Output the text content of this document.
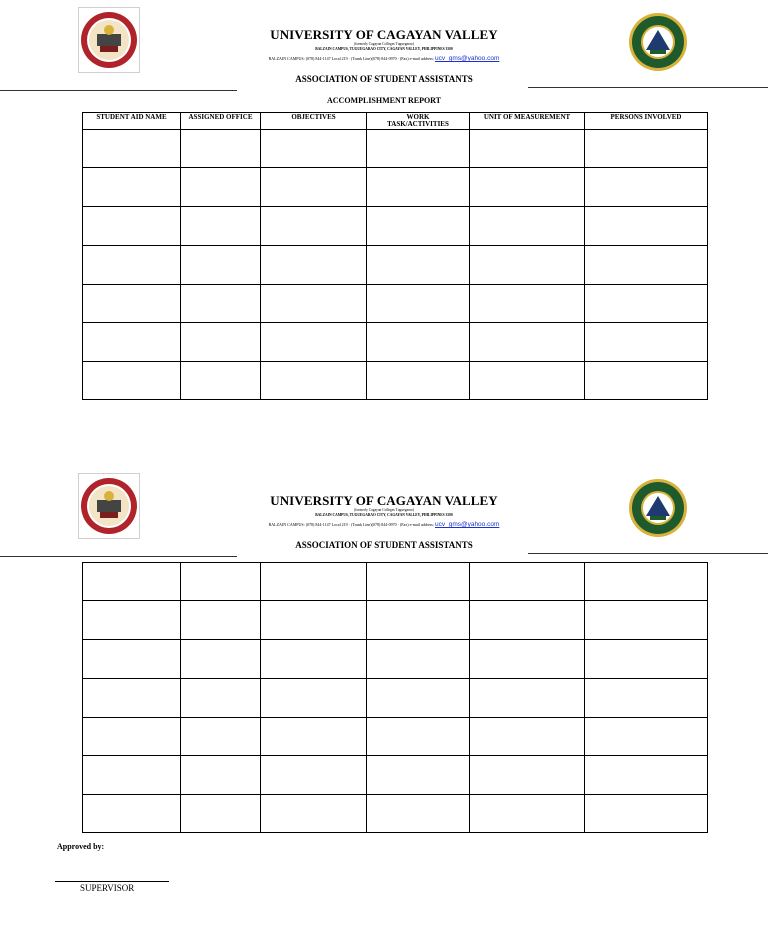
UNIVERSITY OF CAGAYAN VALLEY
(formerly Cagayan Colleges Tuguegarao)
BALZAIN CAMPUS, TUGUEGARAO CITY, CAGAYAN VALLEY, PHILIPPINES 3500
BALZAIN CAMPUS: (078) 844-1147 Local 219 · (Trunk Line)(078) 844-0970 · (Fax) e-mail address: ucv_gms@yahoo.com
ASSOCIATION OF STUDENT ASSISTANTS
ACCOMPLISHMENT REPORT
STUDENT AID NAME	ASSIGNED OFFICE	OBJECTIVES	WORK TASK/ACTIVITIES	UNIT OF MEASUREMENT	PERSONS INVOLVED

UNIVERSITY OF CAGAYAN VALLEY
(formerly Cagayan Colleges Tuguegarao)
BALZAIN CAMPUS, TUGUEGARAO CITY, CAGAYAN VALLEY, PHILIPPINES 3500
BALZAIN CAMPUS: (078) 844-1147 Local 219 · (Trunk Line)(078) 844-0970 · (Fax) e-mail address: ucv_gms@yahoo.com
ASSOCIATION OF STUDENT ASSISTANTS

Approved by:
SUPERVISOR
